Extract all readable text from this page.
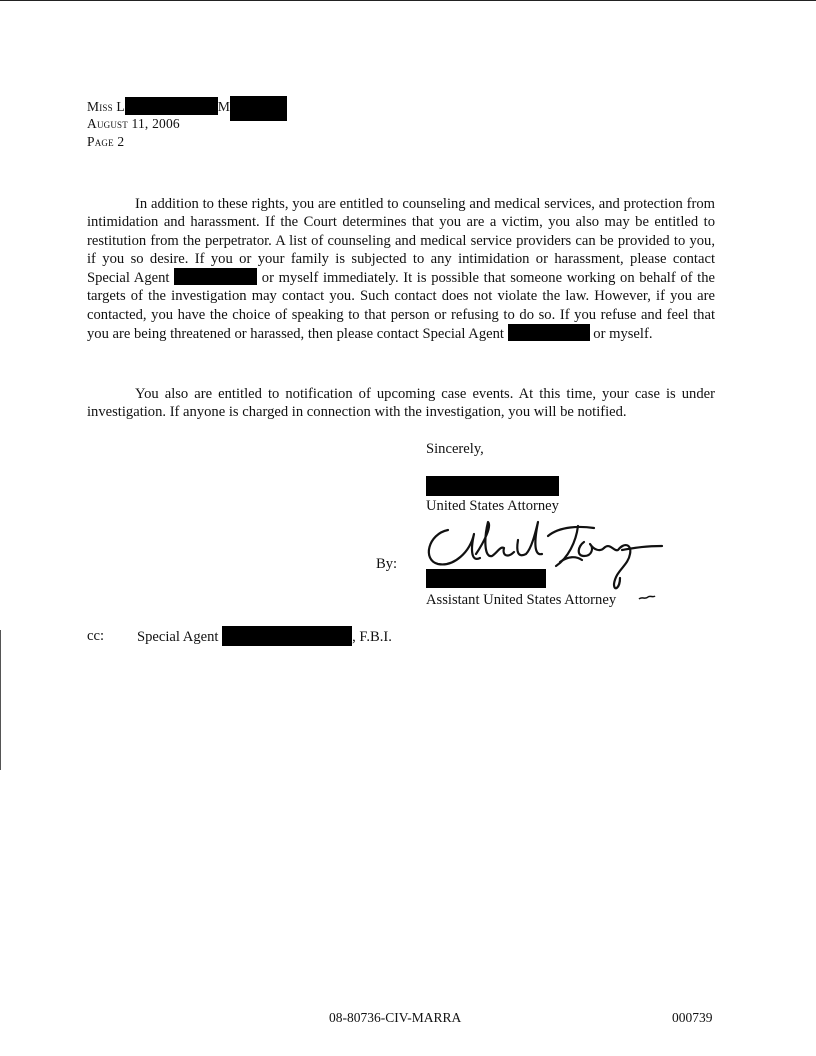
Miss L	M
August 11, 2006
Page 2
In addition to these rights, you are entitled to counseling and medical services, and protection from intimidation and harassment. If the Court determines that you are a victim, you also may be entitled to restitution from the perpetrator. A list of counseling and medical service providers can be provided to you, if you so desire. If you or your family is subjected to any intimidation or harassment, please contact Special Agent	or myself immediately. It is possible that someone working on behalf of the targets of the investigation may contact you. Such contact does not violate the law. However, if you are contacted, you have the choice of speaking to that person or refusing to do so. If you refuse and feel that you are being threatened or harassed, then please contact Special Agent	or myself.
You also are entitled to notification of upcoming case events. At this time, your case is under investigation. If anyone is charged in connection with the investigation, you will be notified.
Sincerely,
United States Attorney
By:
Assistant United States Attorney
cc: Special Agent	, F.B.I.
08-80736-CIV-MARRA	000739
